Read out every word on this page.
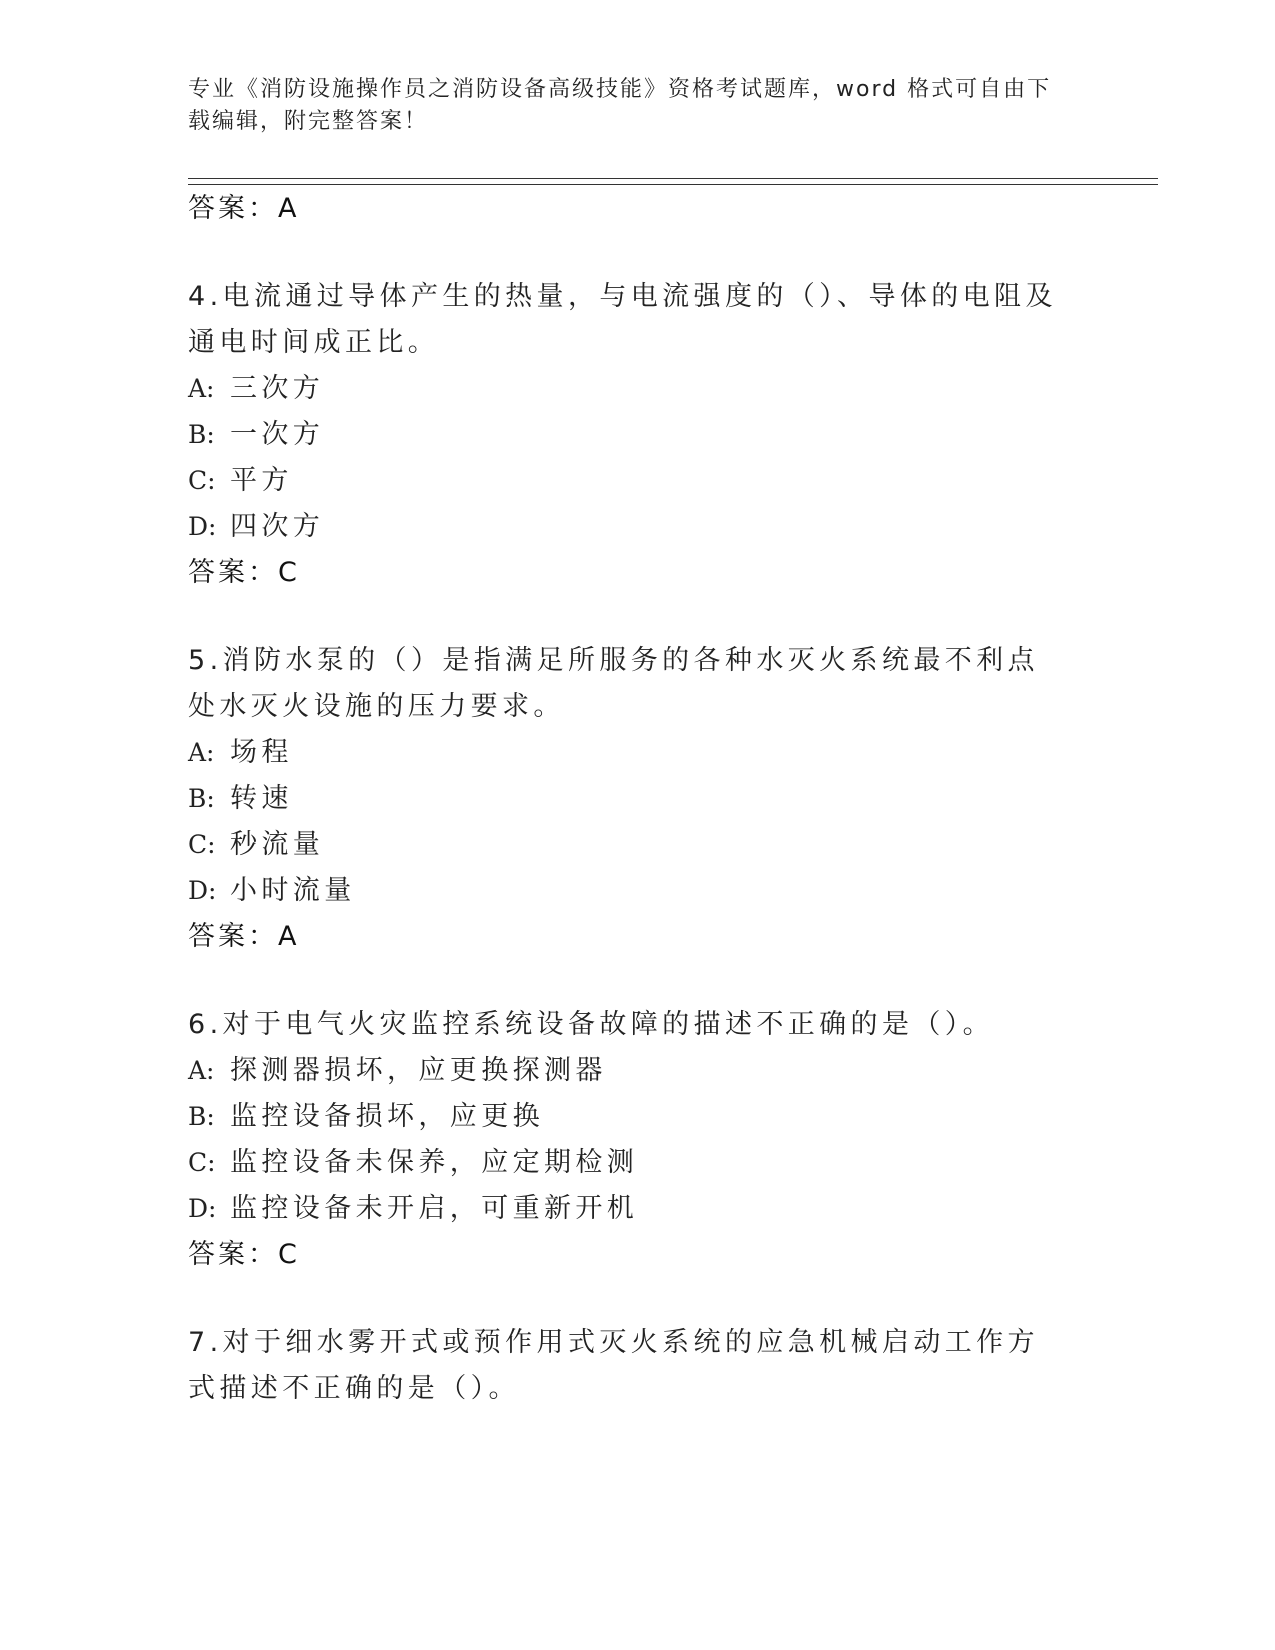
专业《消防设施操作员之消防设备高级技能》资格考试题库，word 格式可自由下载编辑，附完整答案！
答案：A
4.电流通过导体产生的热量，与电流强度的（）、导体的电阻及通电时间成正比。
A: 三次方
B: 一次方
C: 平方
D: 四次方
答案：C
5.消防水泵的（）是指满足所服务的各种水灭火系统最不利点处水灭火设施的压力要求。
A: 场程
B: 转速
C: 秒流量
D: 小时流量
答案：A
6.对于电气火灾监控系统设备故障的描述不正确的是（）。
A: 探测器损坏，应更换探测器
B: 监控设备损坏，应更换
C: 监控设备未保养，应定期检测
D: 监控设备未开启，可重新开机
答案：C
7.对于细水雾开式或预作用式灭火系统的应急机械启动工作方式描述不正确的是（）。
